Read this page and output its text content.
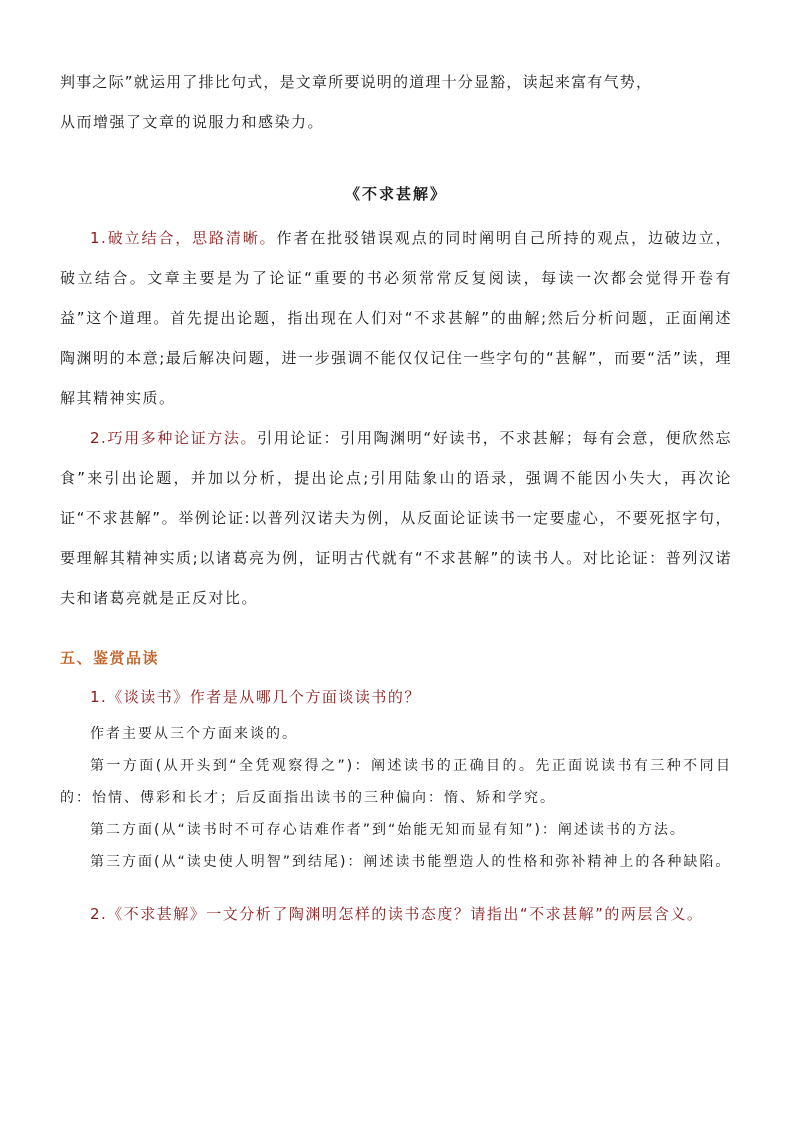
判事之际”就运用了排比句式，是文章所要说明的道理十分显豁，读起来富有气势，

从而增强了文章的说服力和感染力。

《不求甚解》

1.破立结合，思路清晰。作者在批驳错误观点的同时阐明自己所持的观点，边破边立，破立结合。文章主要是为了论证“重要的书必须常常反复阅读，每读一次都会觉得开卷有益”这个道理。首先提出论题，指出现在人们对“不求甚解”的曲解;然后分析问题，正面阐述陶渊明的本意;最后解决问题，进一步强调不能仅仅记住一些字句的“甚解”，而要“活”读，理解其精神实质。

2.巧用多种论证方法。引用论证：引用陶渊明“好读书，不求甚解；每有会意，便欣然忘食”来引出论题，并加以分析，提出论点;引用陆象山的语录，强调不能因小失大，再次论证“不求甚解”。举例论证:以普列汉诺夫为例，从反面论证读书一定要虚心，不要死抠字句，要理解其精神实质;以诸葛亮为例，证明古代就有“不求甚解”的读书人。对比论证：普列汉诺夫和诸葛亮就是正反对比。

五、鉴赏品读

1.《谈读书》作者是从哪几个方面谈读书的？

作者主要从三个方面来谈的。

第一方面(从开头到“全凭观察得之”)：阐述读书的正确目的。先正面说读书有三种不同目的：怡情、傅彩和长才；后反面指出读书的三种偏向：惰、矫和学究。

第二方面(从“读书时不可存心诘难作者”到“始能无知而显有知”)：阐述读书的方法。

第三方面(从“读史使人明智”到结尾)：阐述读书能塑造人的性格和弥补精神上的各种缺陷。

2.《不求甚解》一文分析了陶渊明怎样的读书态度？请指出“不求甚解”的两层含义。
